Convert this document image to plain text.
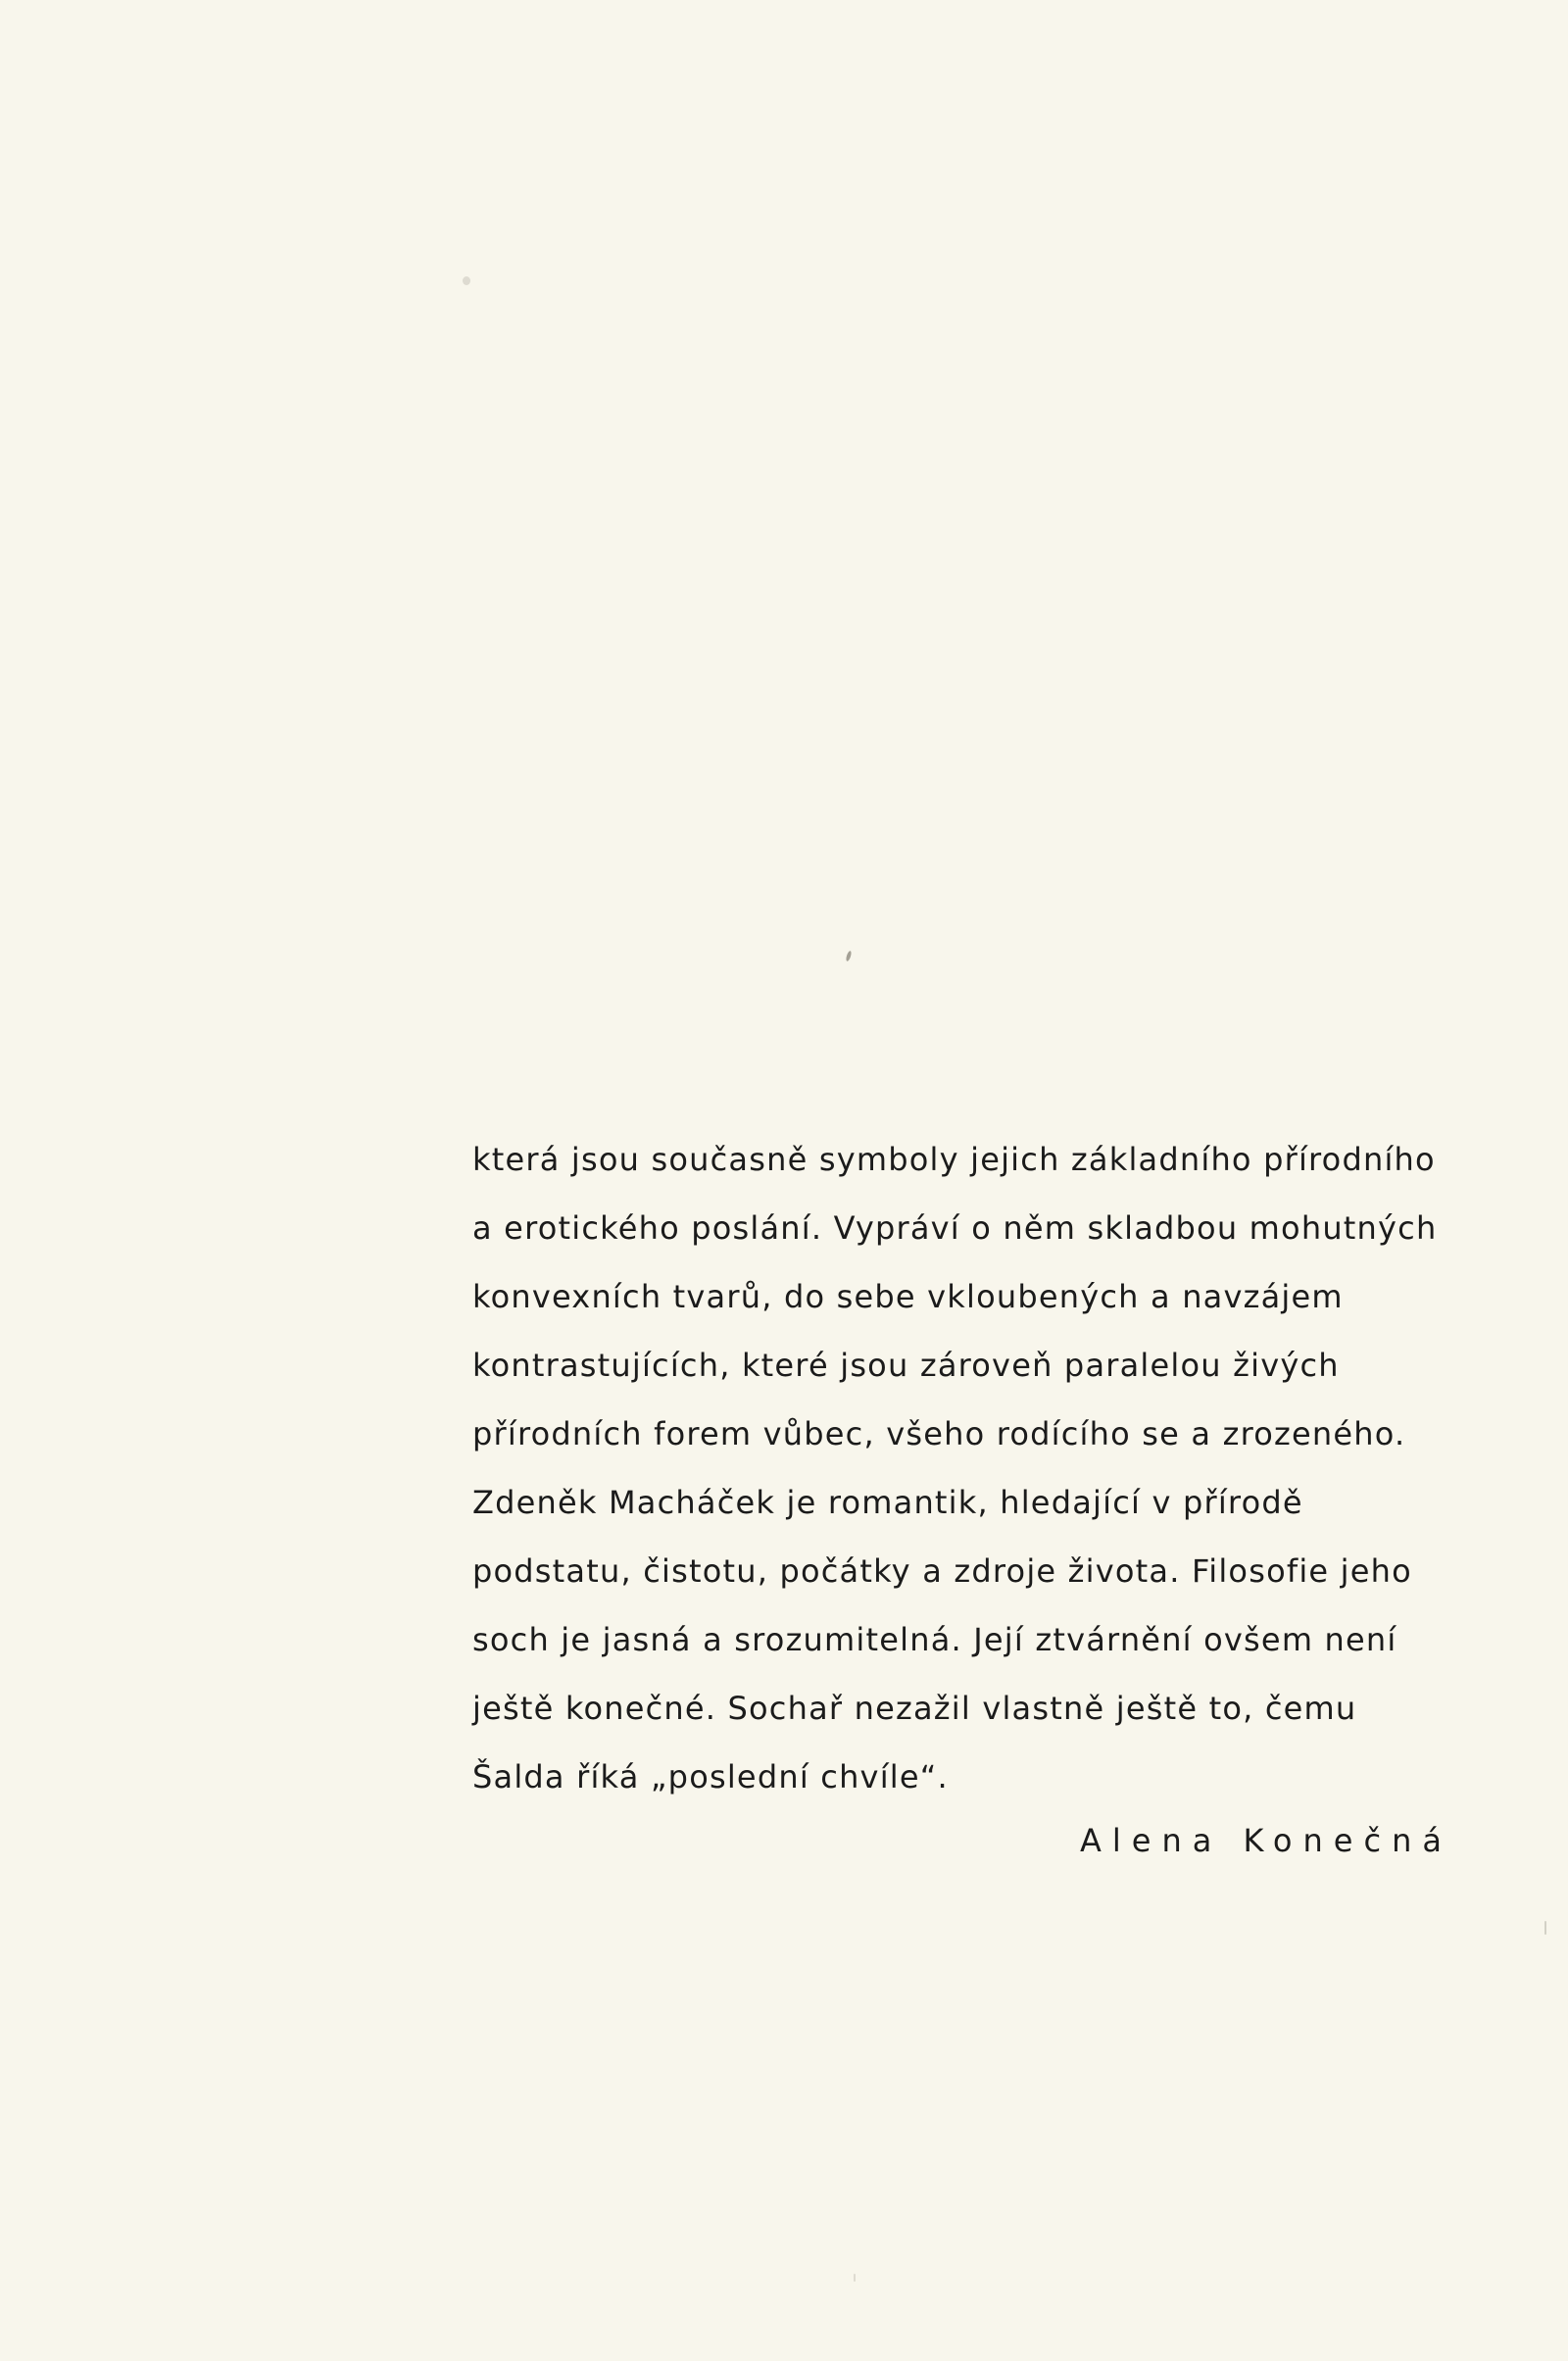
která jsou současně symboly jejich základního přírodního
a erotického poslání. Vypráví o něm skladbou mohutných
konvexních tvarů, do sebe vkloubených a navzájem
kontrastujících, které jsou zároveň paralelou živých
přírodních forem vůbec, všeho rodícího se a zrozeného.
Zdeněk Macháček je romantik, hledající v přírodě
podstatu, čistotu, počátky a zdroje života. Filosofie jeho
soch je jasná a srozumitelná. Její ztvárnění ovšem není
ještě konečné. Sochař nezažil vlastně ještě to, čemu
Šalda říká „poslední chvíle“.
Alena Konečná
